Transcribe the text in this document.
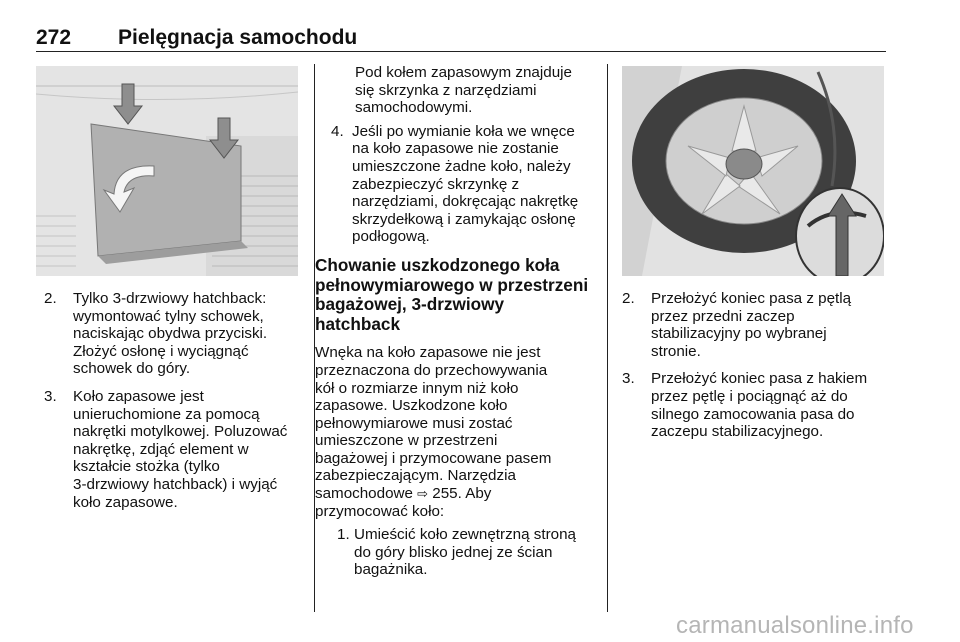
272 Pielęgnacja samochodu
2. Tylko 3-drzwiowy hatchback:
wymontować tylny schowek,
naciskając obydwa przyciski.
Złożyć osłonę i wyciągnąć
schowek do góry.
3. Koło zapasowe jest
unieruchomione za pomocą
nakrętki motylkowej. Poluzować
nakrętkę, zdjąć element w
kształcie stożka (tylko
3-drzwiowy hatchback) i wyjąć
koło zapasowe.
Pod kołem zapasowym znajduje
się skrzynka z narzędziami
samochodowymi.
4. Jeśli po wymianie koła we wnęce
na koło zapasowe nie zostanie
umieszczone żadne koło, należy
zabezpieczyć skrzynkę z
narzędziami, dokręcając nakrętkę
skrzydełkową i zamykając osłonę
podłogową.
Chowanie uszkodzonego koła
pełnowymiarowego w przestrzeni
bagażowej, 3-drzwiowy
hatchback

Wnęka na koło zapasowe nie jest
przeznaczona do przechowywania
kół o rozmiarze innym niż koło
zapasowe. Uszkodzone koło
pełnowymiarowe musi zostać
umieszczone w przestrzeni
bagażowej i przymocowane pasem
zabezpieczającym. Narzędzia
samochodowe ⇨ 255. Aby
przymocować koło:

1. Umieścić koło zewnętrzną stroną
do góry blisko jednej ze ścian
bagażnika.
2. Przełożyć koniec pasa z pętlą
przez przedni zaczep
stabilizacyjny po wybranej
stronie.
3. Przełożyć koniec pasa z hakiem
przez pętlę i pociągnąć aż do
silnego zamocowania pasa do
zaczepu stabilizacyjnego.
carmanualsonline.info
